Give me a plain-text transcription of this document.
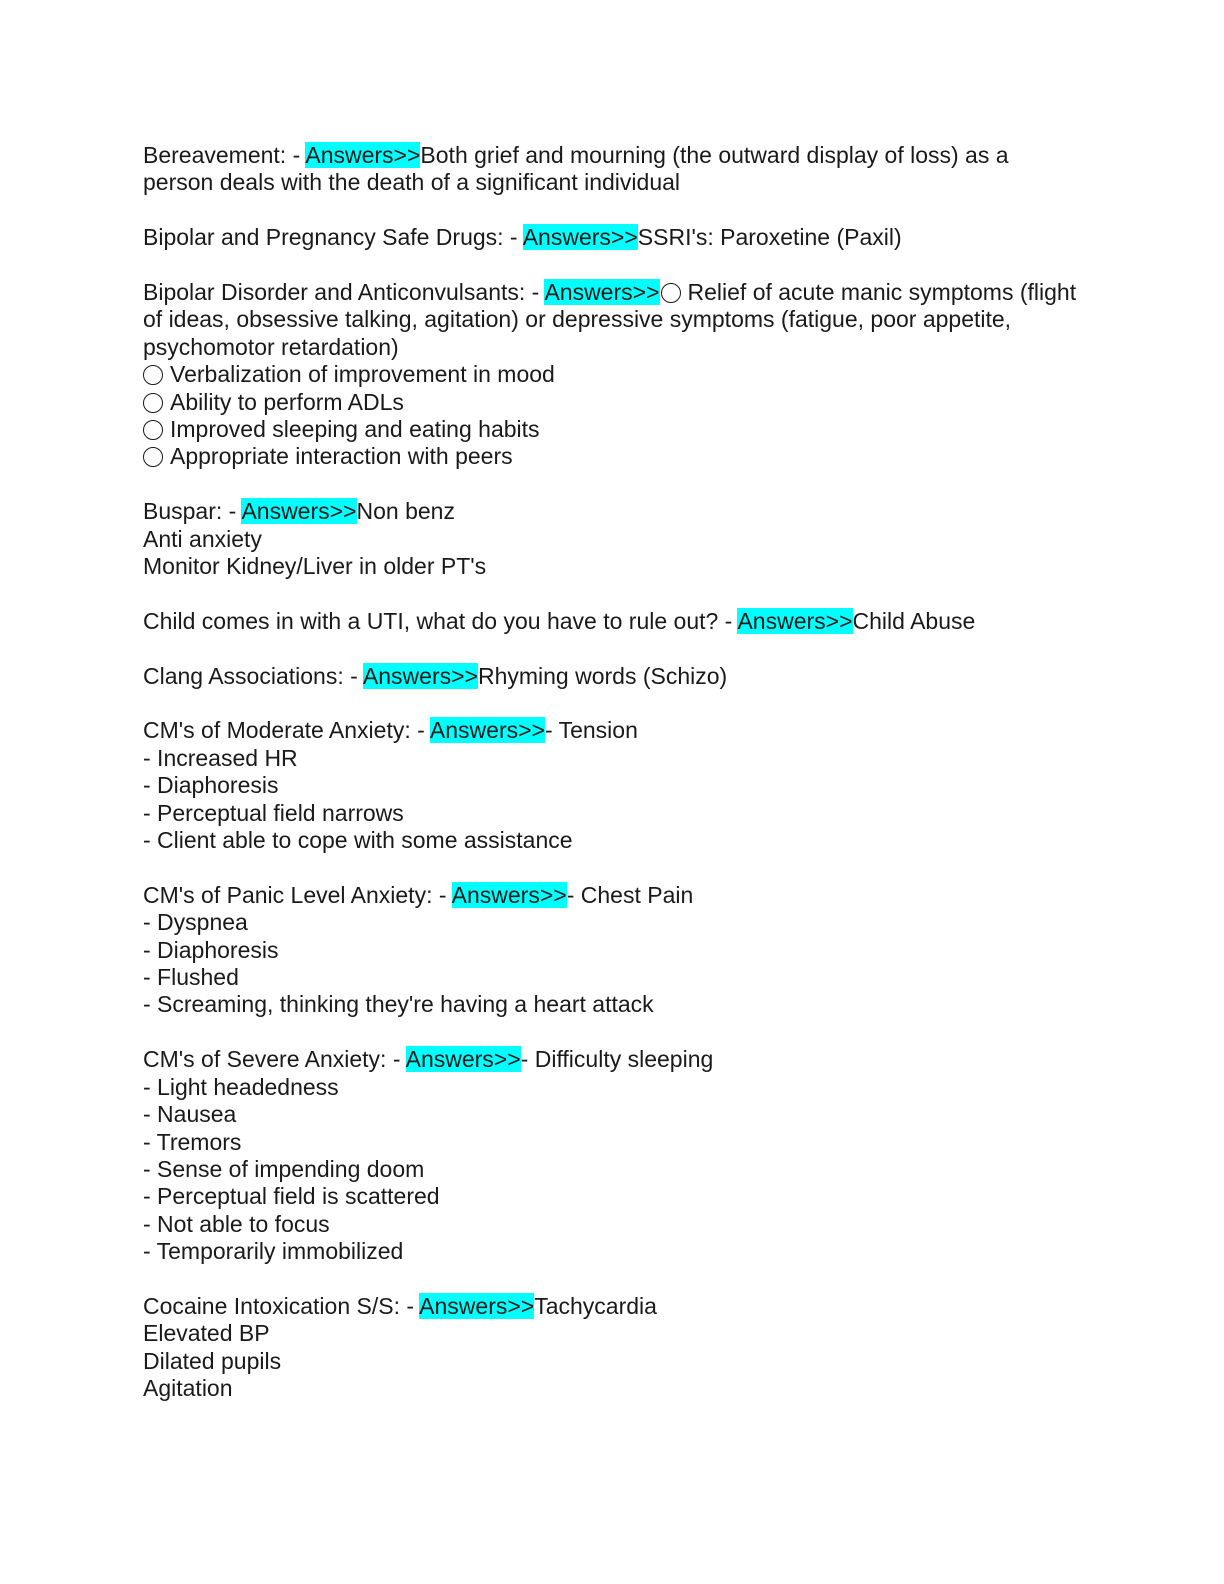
Bereavement: - Answers>>Both grief and mourning (the outward display of loss) as a person deals with the death of a significant individual
Bipolar and Pregnancy Safe Drugs: - Answers>>SSRI's: Paroxetine (Paxil)
Bipolar Disorder and Anticonvulsants: - Answers>> Relief of acute manic symptoms (flight of ideas, obsessive talking, agitation) or depressive symptoms (fatigue, poor appetite, psychomotor retardation)
Verbalization of improvement in mood
Ability to perform ADLs
Improved sleeping and eating habits
Appropriate interaction with peers
Buspar: - Answers>>Non benz
Anti anxiety
Monitor Kidney/Liver in older PT's
Child comes in with a UTI, what do you have to rule out? - Answers>>Child Abuse
Clang Associations: - Answers>>Rhyming words (Schizo)
CM's of Moderate Anxiety: - Answers>>- Tension
- Increased HR
- Diaphoresis
- Perceptual field narrows
- Client able to cope with some assistance
CM's of Panic Level Anxiety: - Answers>>- Chest Pain
- Dyspnea
- Diaphoresis
- Flushed
- Screaming, thinking they're having a heart attack
CM's of Severe Anxiety: - Answers>>- Difficulty sleeping
- Light headedness
- Nausea
- Tremors
- Sense of impending doom
- Perceptual field is scattered
- Not able to focus
- Temporarily immobilized
Cocaine Intoxication S/S: - Answers>>Tachycardia
Elevated BP
Dilated pupils
Agitation
